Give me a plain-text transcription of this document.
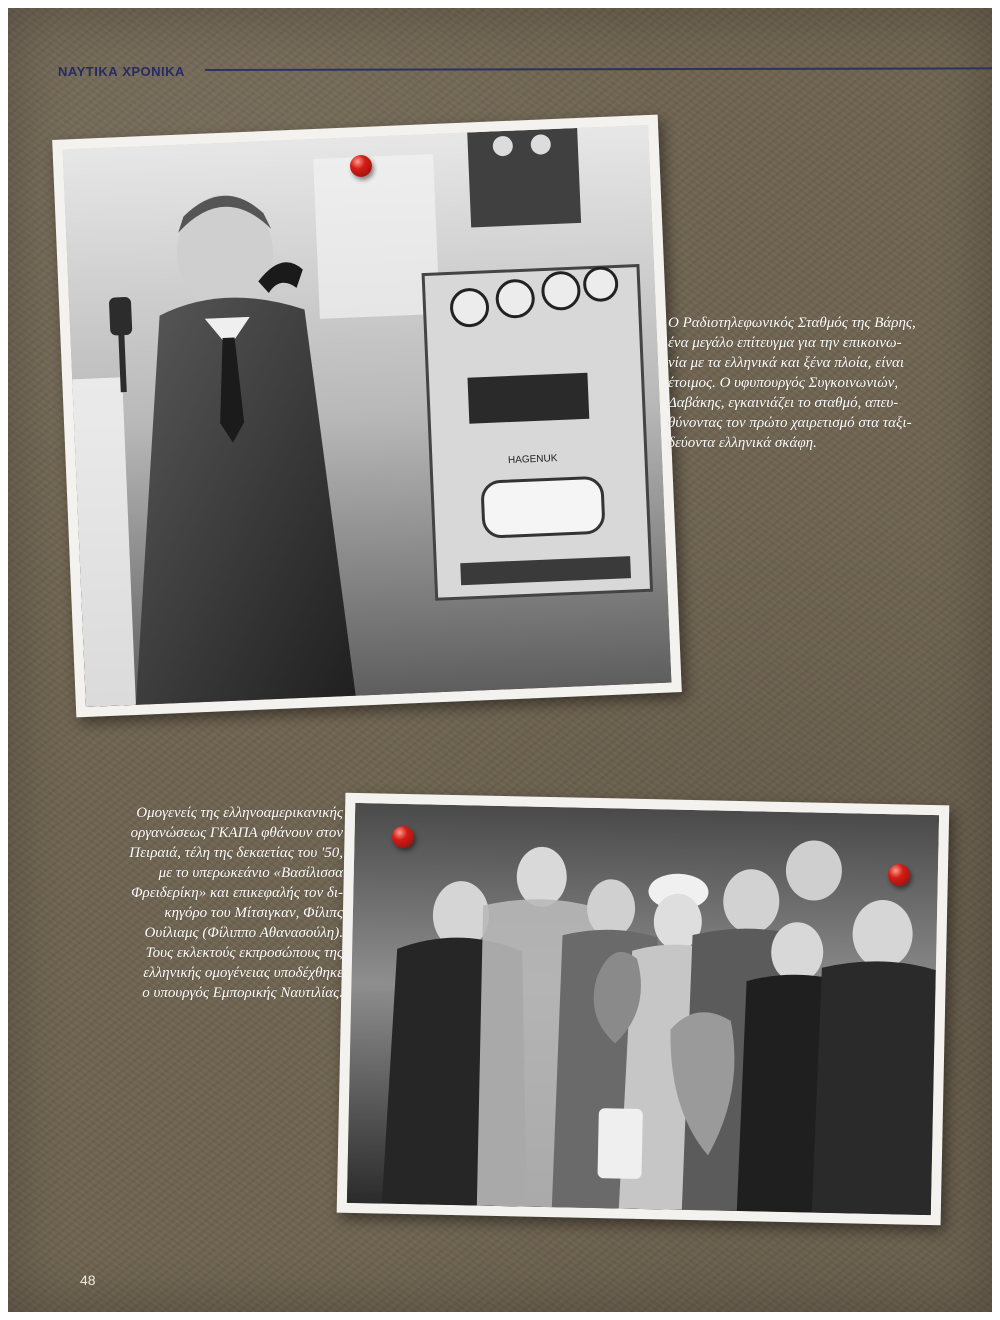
ΝΑΥΤΙΚΑ ΧΡΟΝΙΚΑ
HAGENUK

Ο Ραδιοτηλεφωνικός Σταθμός της Βάρης,
ένα μεγάλο επίτευγμα για την επικοινω-
νία με τα ελληνικά και ξένα πλοία, είναι
έτοιμος. Ο υφυπουργός Συγκοινωνιών,
Δαβάκης, εγκαινιάζει το σταθμό, απευ-
θύνοντας τον πρώτο χαιρετισμό στα ταξι-
δεύοντα ελληνικά σκάφη.

Ομογενείς της ελληνοαμερικανικής
οργανώσεως ΓΚΑΠΑ φθάνουν στον
Πειραιά, τέλη της δεκαετίας του '50,
με το υπερωκεάνιο «Βασίλισσα
Φρειδερίκη» και επικεφαλής τον δι-
κηγόρο του Μίτσιγκαν, Φίλιπς
Ουίλιαμς (Φίλιππο Αθανασούλη).
Τους εκλεκτούς εκπροσώπους της
ελληνικής ομογένειας υποδέχθηκε
ο υπουργός Εμπορικής Ναυτιλίας.

48
